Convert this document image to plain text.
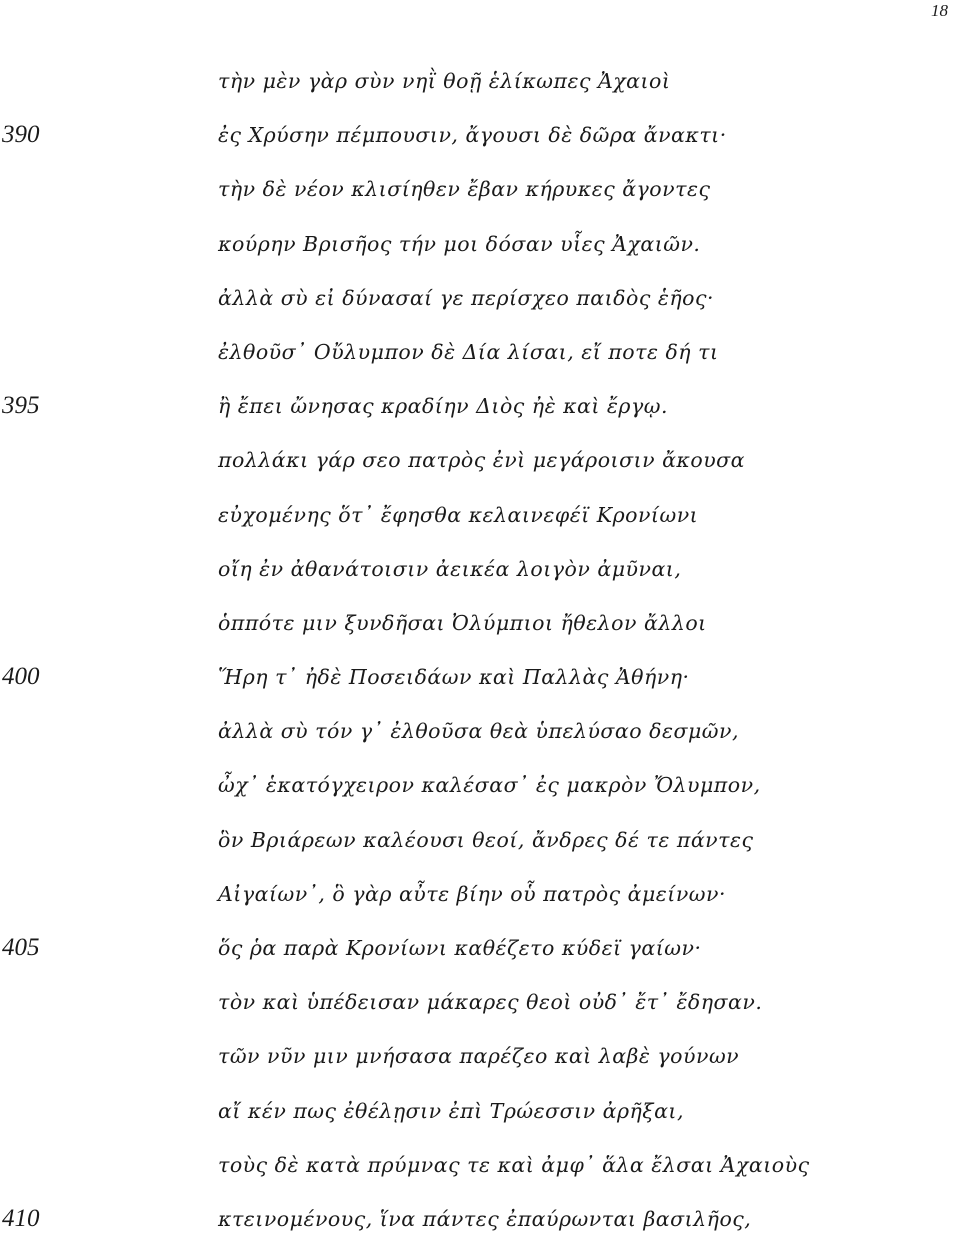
18
τὴν μὲν γὰρ σὺν νηῒ θοῇ ἑλίκωπες Ἀχαιοὶ
390	ἐς Χρύσην πέμπουσιν, ἄγουσι δὲ δῶρα ἄνακτι·
τὴν δὲ νέον κλισίηθεν ἔβαν κήρυκες ἄγοντες
κούρην Βρισῆος τήν μοι δόσαν υἷες Ἀχαιῶν.
ἀλλὰ σὺ εἰ δύνασαί γε περίσχεο παιδὸς ἑῆος·
ἐλθοῦσ᾽ Οὔλυμπον δὲ Δία λίσαι, εἴ ποτε δή τι
395	ἢ ἔπει ὤνησας κραδίην Διὸς ἠὲ καὶ ἔργῳ.
πολλάκι γάρ σεο πατρὸς ἐνὶ μεγάροισιν ἄκουσα
εὐχομένης ὅτ᾽ ἔφησθα κελαινεφέϊ Κρονίωνι
οἴη ἐν ἀθανάτοισιν ἀεικέα λοιγὸν ἀμῦναι,
ὁππότε μιν ξυνδῆσαι Ὀλύμπιοι ἤθελον ἄλλοι
400	Ἥρη τ᾽ ἠδὲ Ποσειδάων καὶ Παλλὰς Ἀθήνη·
ἀλλὰ σὺ τόν γ᾽ ἐλθοῦσα θεὰ ὑπελύσαο δεσμῶν,
ὦχ᾽ ἑκατόγχειρον καλέσασ᾽ ἐς μακρὸν Ὄλυμπον,
ὃν Βριάρεων καλέουσι θεοί, ἄνδρες δέ τε πάντες
Αἰγαίων᾽, ὃ γὰρ αὖτε βίην οὗ πατρὸς ἀμείνων·
405	ὅς ῥα παρὰ Κρονίωνι καθέζετο κύδεϊ γαίων·
τὸν καὶ ὑπέδεισαν μάκαρες θεοὶ οὐδ᾽ ἔτ᾽ ἔδησαν.
τῶν νῦν μιν μνήσασα παρέζεο καὶ λαβὲ γούνων
αἴ κέν πως ἐθέλῃσιν ἐπὶ Τρώεσσιν ἀρῆξαι,
τοὺς δὲ κατὰ πρύμνας τε καὶ ἀμφ᾽ ἅλα ἔλσαι Ἀχαιοὺς
410	κτεινομένους, ἵνα πάντες ἐπαύρωνται βασιλῆος,
